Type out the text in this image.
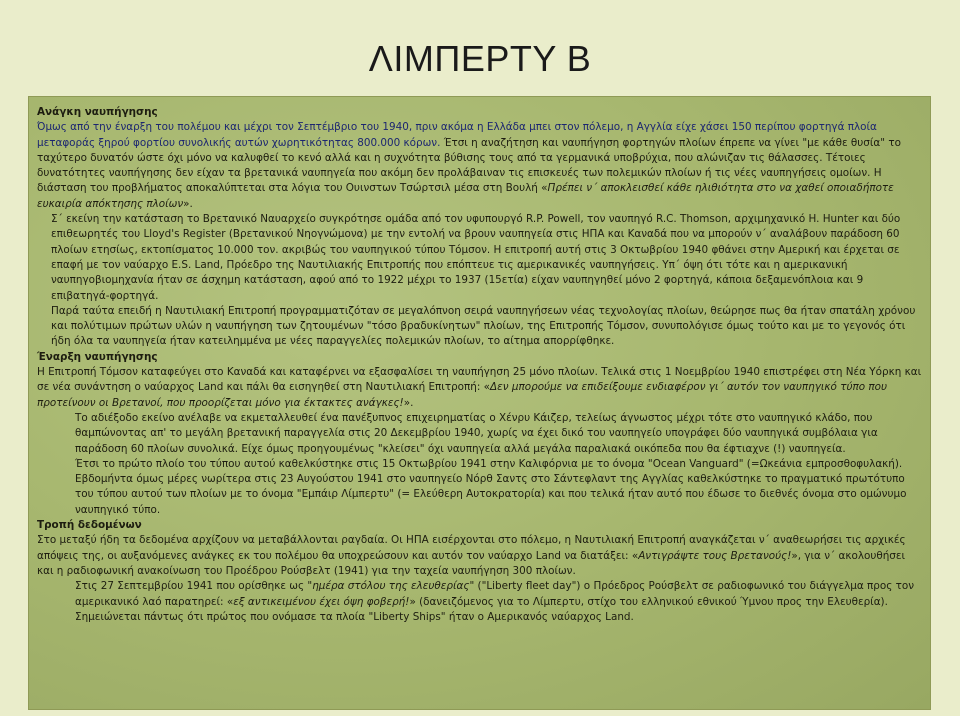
ΛΙΜΠΕΡΤΥ Β

Ανάγκη ναυπήγησης

Όμως από την έναρξη του πολέμου και μέχρι τον Σεπτέμβριο του 1940, πριν ακόμα η Ελλάδα μπει στον πόλεμο, η Αγγλία είχε χάσει 150 περίπου φορτηγά πλοία μεταφοράς ξηρού φορτίου συνολικής αυτών χωρητικότητας 800.000 κόρων. Έτσι η αναζήτηση και ναυπήγηση φορτηγών πλοίων έπρεπε να γίνει "με κάθε θυσία" το ταχύτερο δυνατόν ώστε όχι μόνο να καλυφθεί το κενό αλλά και η συχνότητα βύθισης τους από τα γερμανικά υποβρύχια, που αλώνιζαν τις θάλασσες. Τέτοιες δυνατότητες ναυπήγησης δεν είχαν τα βρετανικά ναυπηγεία που ακόμη δεν προλάβαιναν τις επισκευές των πολεμικών πλοίων ή τις νέες ναυπηγήσεις ομοίων. Η διάσταση του προβλήματος αποκαλύπτεται στα λόγια του Ουινστων Τσώρτσιλ μέσα στη Βουλή «Πρέπει ν΄ αποκλεισθεί κάθε ηλιθιότητα στο να χαθεί οποιαδήποτε ευκαιρία απόκτησης πλοίων».

Σ΄ εκείνη την κατάσταση το Βρετανικό Ναυαρχείο συγκρότησε ομάδα από τον υφυπουργό R.P. Powell, τον ναυπηγό R.C. Thomson, αρχιμηχανικό H. Hunter και δύο επιθεωρητές του Lloyd's Register (Βρετανικού Νηογνώμονα) με την εντολή να βρουν ναυπηγεία στις ΗΠΑ και Καναδά που να μπορούν ν΄ αναλάβουν παράδοση 60 πλοίων ετησίως, εκτοπίσματος 10.000 τον. ακριβώς του ναυπηγικού τύπου Τόμσον. Η επιτροπή αυτή στις 3 Οκτωβρίου 1940 φθάνει στην Αμερική και έρχεται σε επαφή με τον ναύαρχο E.S. Land, Πρόεδρο της Ναυτιλιακής Επιτροπής που επόπτευε τις αμερικανικές ναυπηγήσεις. Υπ΄ όψη ότι τότε και η αμερικανική ναυπηγοβιομηχανία ήταν σε άσχημη κατάσταση, αφού από το 1922 μέχρι το 1937 (15ετία) είχαν ναυπηγηθεί μόνο 2 φορτηγά, κάποια δεξαμενόπλοια και 9 επιβατηγά-φορτηγά.

Παρά ταύτα επειδή η Ναυτιλιακή Επιτροπή προγραμματιζόταν σε μεγαλόπνοη σειρά ναυπηγήσεων νέας τεχνολογίας πλοίων, θεώρησε πως θα ήταν σπατάλη χρόνου και πολύτιμων πρώτων υλών η ναυπήγηση των ζητουμένων "τόσο βραδυκίνητων" πλοίων, της Επιτροπής Τόμσον, συνυπολόγισε όμως τούτο και με το γεγονός ότι ήδη όλα τα ναυπηγεία ήταν κατειλημμένα με νέες παραγγελίες πολεμικών πλοίων, το αίτημα απορρίφθηκε.

Έναρξη ναυπήγησης

Η Επιτροπή Τόμσον καταφεύγει στο Καναδά και καταφέρνει να εξασφαλίσει τη ναυπήγηση 25 μόνο πλοίων. Τελικά στις 1 Νοεμβρίου 1940 επιστρέφει στη Νέα Υόρκη και σε νέα συνάντηση ο ναύαρχος Land και πάλι θα εισηγηθεί στη Ναυτιλιακή Επιτροπή: «Δεν μπορούμε να επιδείξουμε ενδιαφέρον γι΄ αυτόν τον ναυπηγικό τύπο που προτείνουν οι Βρετανοί, που προορίζεται μόνο για έκτακτες ανάγκες!».

Το αδιέξοδο εκείνο ανέλαβε να εκμεταλλευθεί ένα πανέξυπνος επιχειρηματίας ο Χένρυ Κάιζερ, τελείως άγνωστος μέχρι τότε στο ναυπηγικό κλάδο, που θαμπώνοντας απ' το μεγάλη βρετανική παραγγελία στις 20 Δεκεμβρίου 1940, χωρίς να έχει δικό του ναυπηγείο υπογράφει δύο ναυπηγικά συμβόλαια για παράδοση 60 πλοίων συνολικά. Είχε όμως προηγουμένως "κλείσει" όχι ναυπηγεία αλλά μεγάλα παραλιακά οικόπεδα που θα έφτιαχνε (!) ναυπηγεία.

Έτσι το πρώτο πλοίο του τύπου αυτού καθελκύστηκε στις 15 Οκτωβρίου 1941 στην Καλιφόρνια με το όνομα "Ocean Vanguard" (=Ωκεάνια εμπροσθοφυλακή). Εβδομήντα όμως μέρες νωρίτερα στις 23 Αυγούστου 1941 στο ναυπηγείο Νόρθ Σαντς στο Σάντεφλαντ της Αγγλίας καθελκύστηκε το πραγματικό πρωτότυπο του τύπου αυτού των πλοίων με το όνομα "Εμπάιρ Λίμπερτυ" (= Ελεύθερη Αυτοκρατορία) και που τελικά ήταν αυτό που έδωσε το διεθνές όνομα στο ομώνυμο ναυπηγικό τύπο.

Τροπή δεδομένων

Στο μεταξύ ήδη τα δεδομένα αρχίζουν να μεταβάλλονται ραγδαία. Οι ΗΠΑ εισέρχονται στο πόλεμο, η Ναυτιλιακή Επιτροπή αναγκάζεται ν΄ αναθεωρήσει τις αρχικές απόψεις της, οι αυξανόμενες ανάγκες εκ του πολέμου θα υποχρεώσουν και αυτόν τον ναύαρχο Land να διατάξει: «Αντιγράψτε τους Βρετανούς!», για ν΄ ακολουθήσει και η ραδιοφωνική ανακοίνωση του Προέδρου Ρούσβελτ (1941) για την ταχεία ναυπήγηση 300 πλοίων.

Στις 27 Σεπτεμβρίου 1941 που ορίσθηκε ως "ημέρα στόλου της ελευθερίας" ("Liberty fleet day") ο Πρόεδρος Ρούσβελτ σε ραδιοφωνικό του διάγγελμα προς τον αμερικανικό λαό παρατηρεί: «εξ αντικειμένου έχει όψη φοβερή!» (δανειζόμενος για το Λίμπερτυ, στίχο του ελληνικού εθνικού Ύμνου προς την Ελευθερία). Σημειώνεται πάντως ότι πρώτος που ονόμασε τα πλοία "Liberty Ships" ήταν ο Αμερικανός ναύαρχος Land.
